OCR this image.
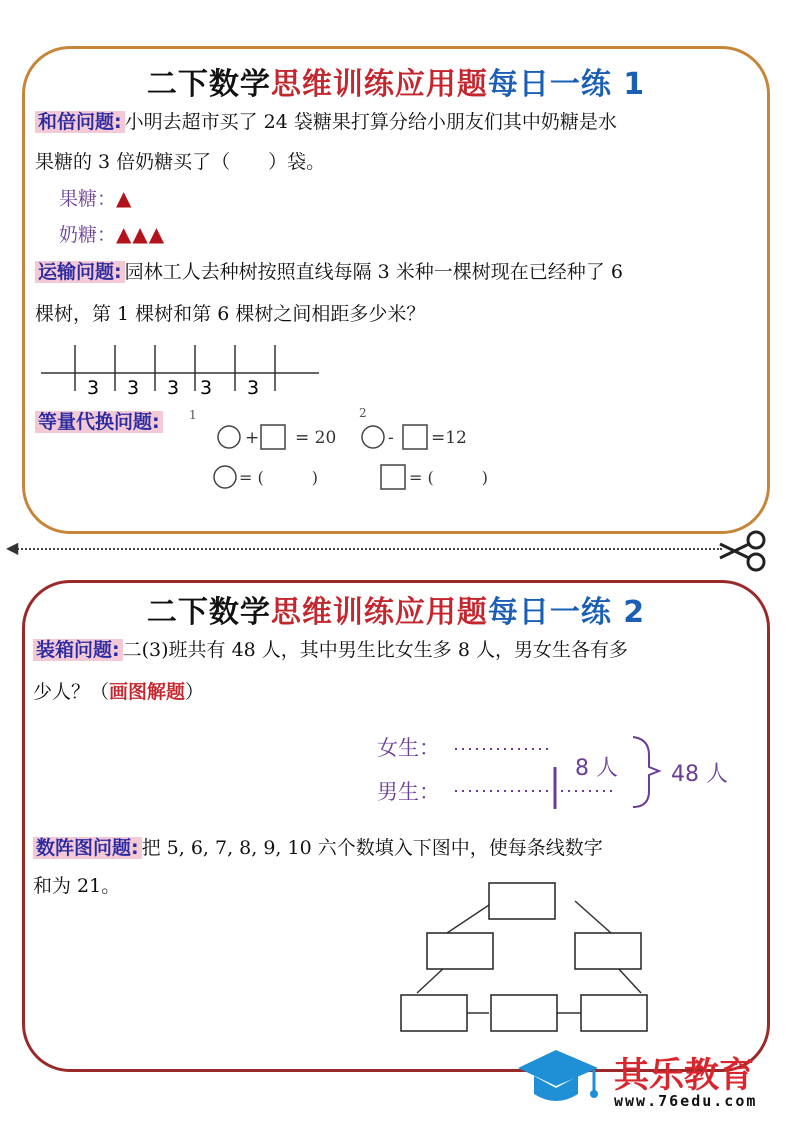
二下数学思维训练应用题每日一练 1
和倍问题: 小明去超市买了 24 袋糖果打算分给小朋友们其中奶糖是水
果糖的 3 倍奶糖买了（　　）袋。
果糖：▲
奶糖：▲▲▲
运输问题: 园林工人去种树按照直线每隔 3 米种一棵树现在已经种了 6
棵树，第 1 棵树和第 6 棵树之间相距多少米？
3 3 3 3 3
等量代换问题: 1
+ = 20
2
- =12
= (　　　)	= (　　　)
◀
二下数学思维训练应用题每日一练 2
装箱问题: 二(3)班共有 48 人，其中男生比女生多 8 人，男女生各有多
少人？（画图解题）
女生：
男生：
8 人 48 人
数阵图问题: 把 5, 6, 7, 8, 9, 10 六个数填入下图中，使每条线数字
和为 21。
其乐教育
www.76edu.com
